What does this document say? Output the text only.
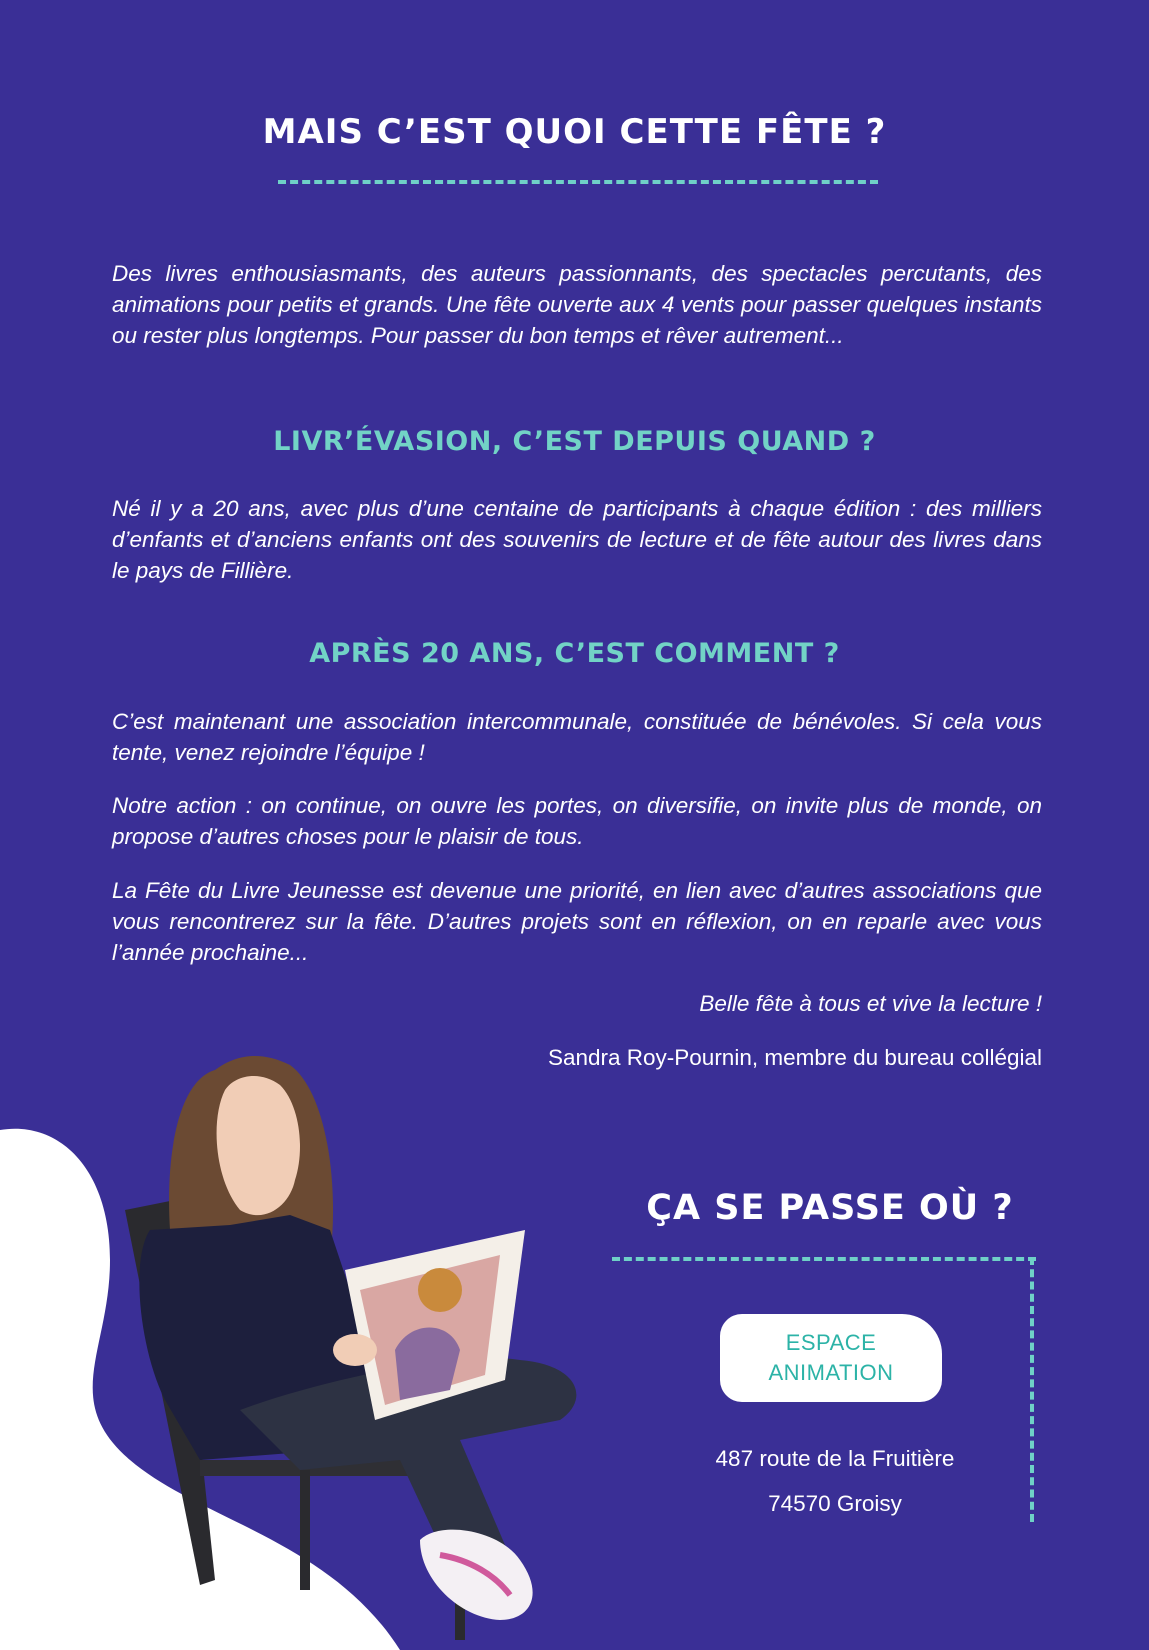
MAIS C’EST QUOI CETTE FÊTE ?

Des livres enthousiasmants, des auteurs passionnants, des spectacles percutants, des animations pour petits et grands. Une fête ouverte aux 4 vents pour passer quelques instants ou rester plus longtemps. Pour passer du bon temps et rêver autrement...

LIVR’ÉVASION, C’EST DEPUIS QUAND ?

Né il y a 20 ans, avec plus d’une centaine de participants à chaque édition : des milliers d’enfants et d’anciens enfants ont des souvenirs de lecture et de fête autour des livres dans le pays de Fillière.

APRÈS 20 ANS, C’EST COMMENT ?

C’est maintenant une association intercommunale, constituée de bénévoles. Si cela vous tente, venez rejoindre l’équipe !

Notre action : on continue, on ouvre les portes, on diversifie, on invite plus de monde, on propose d’autres choses pour le plaisir de tous.

La Fête du Livre Jeunesse est devenue une priorité, en lien avec d’autres associations que vous rencontrerez sur la fête. D’autres projets sont en réflexion, on en reparle avec vous l’année prochaine...

Belle fête à tous et vive la lecture !

Sandra Roy-Pournin, membre du bureau collégial

ÇA SE PASSE OÙ ?
ESPACE
ANIMATION
487 route de la Fruitière
74570 Groisy
